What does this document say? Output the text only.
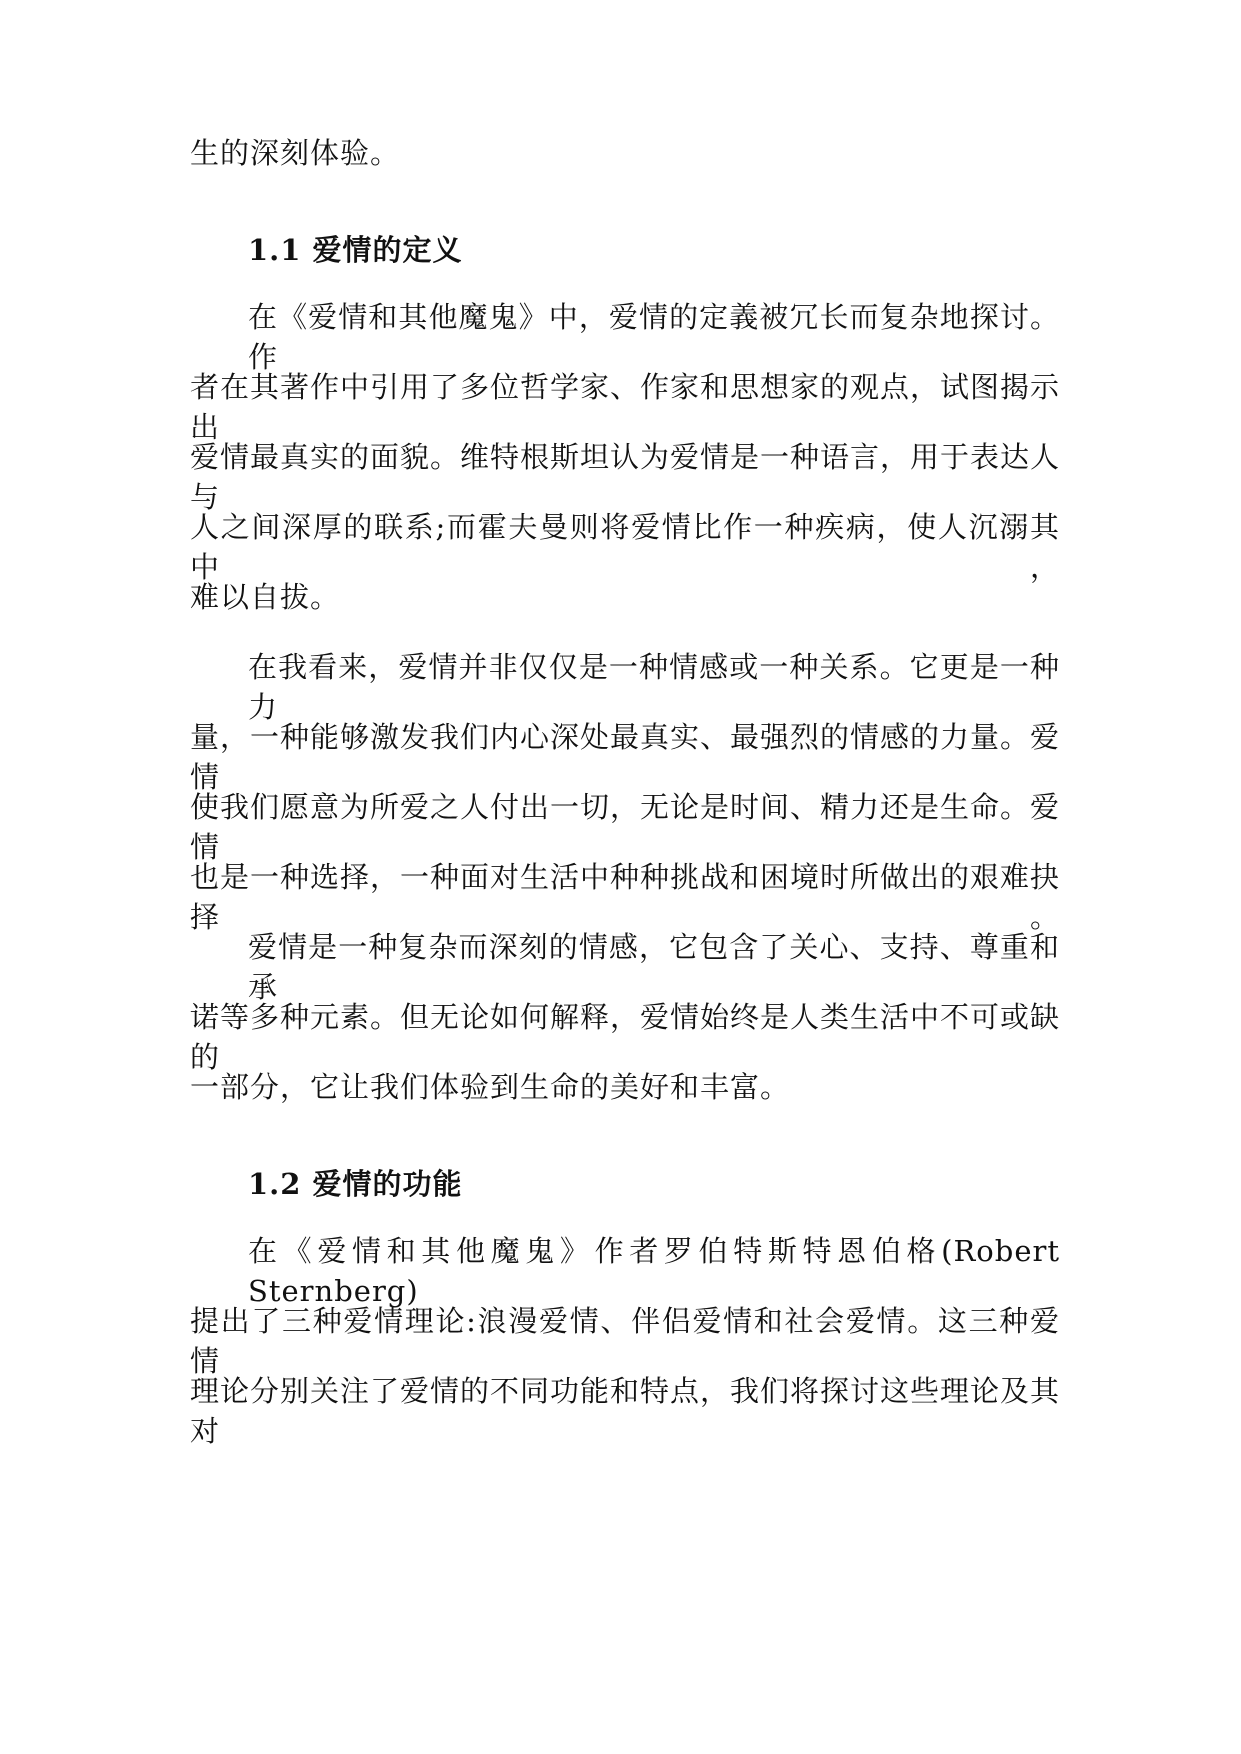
生的深刻体验。
1.1 爱情的定义
在《爱情和其他魔鬼》中，爱情的定義被冗长而复杂地探讨。作
者在其著作中引用了多位哲学家、作家和思想家的观点，试图揭示出
爱情最真实的面貌。维特根斯坦认为爱情是一种语言，用于表达人与
人之间深厚的联系;而霍夫曼则将爱情比作一种疾病，使人沉溺其中，
难以自拔。
在我看来，爱情并非仅仅是一种情感或一种关系。它更是一种力
量，一种能够激发我们内心深处最真实、最强烈的情感的力量。爱情
使我们愿意为所爱之人付出一切，无论是时间、精力还是生命。爱情
也是一种选择，一种面对生活中种种挑战和困境时所做出的艰难抉择。
爱情是一种复杂而深刻的情感，它包含了关心、支持、尊重和承
诺等多种元素。但无论如何解释，爱情始终是人类生活中不可或缺的
一部分，它让我们体验到生命的美好和丰富。
1.2 爱情的功能
在《爱情和其他魔鬼》作者罗伯特斯特恩伯格(Robert Sternberg)
提出了三种爱情理论:浪漫爱情、伴侣爱情和社会爱情。这三种爱情
理论分别关注了爱情的不同功能和特点，我们将探讨这些理论及其对
